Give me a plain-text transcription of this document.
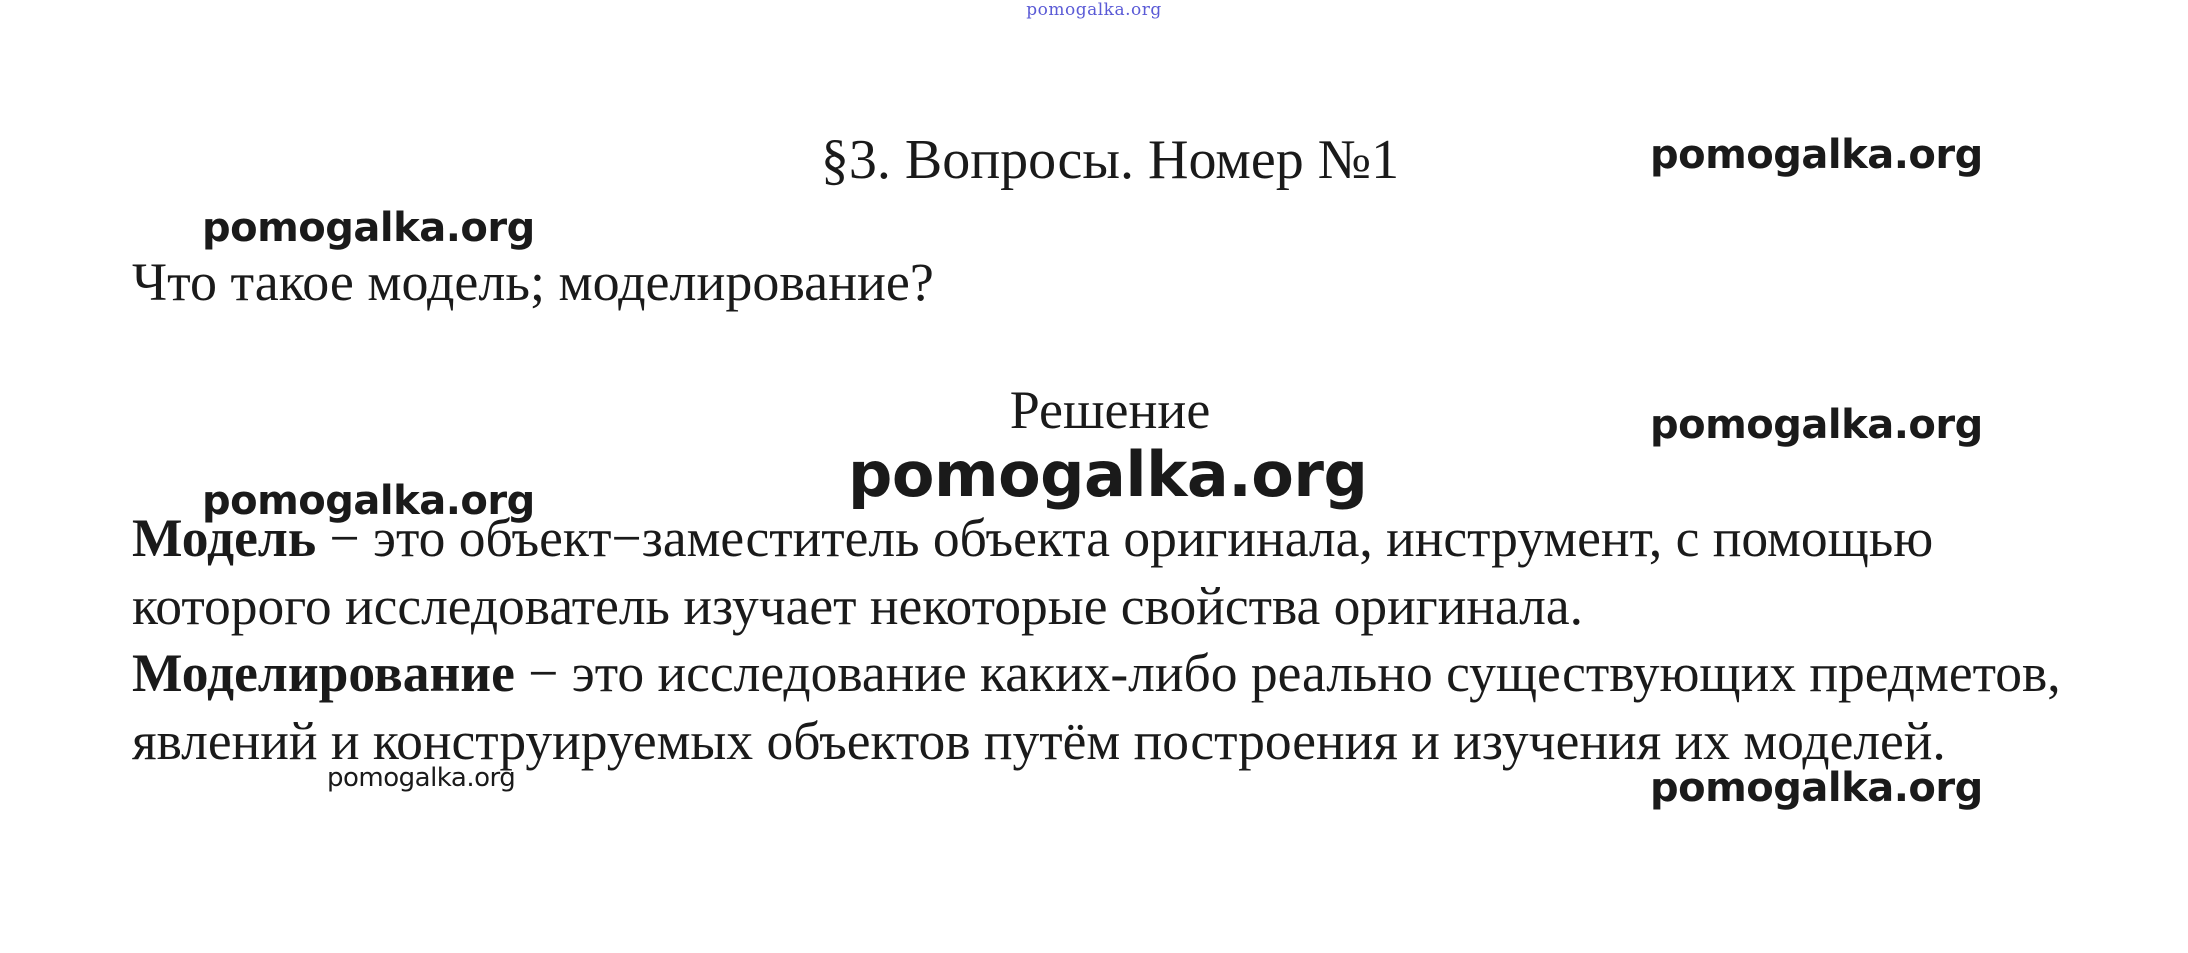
pomogalka.org
§3. Вопросы. Номер №1
Что такое модель; моделирование?
Решение

Модель − это объект−заместитель объекта оригинала, инструмент, с помощью которого исследователь изучает некоторые свойства оригинала.

Моделирование − это исследование каких-либо реально существующих предметов, явлений и конструируемых объектов путём построения и изучения их моделей.

pomogalka.org
pomogalka.org
pomogalka.org
pomogalka.org
pomogalka.org
pomogalka.org	pomogalka.org
